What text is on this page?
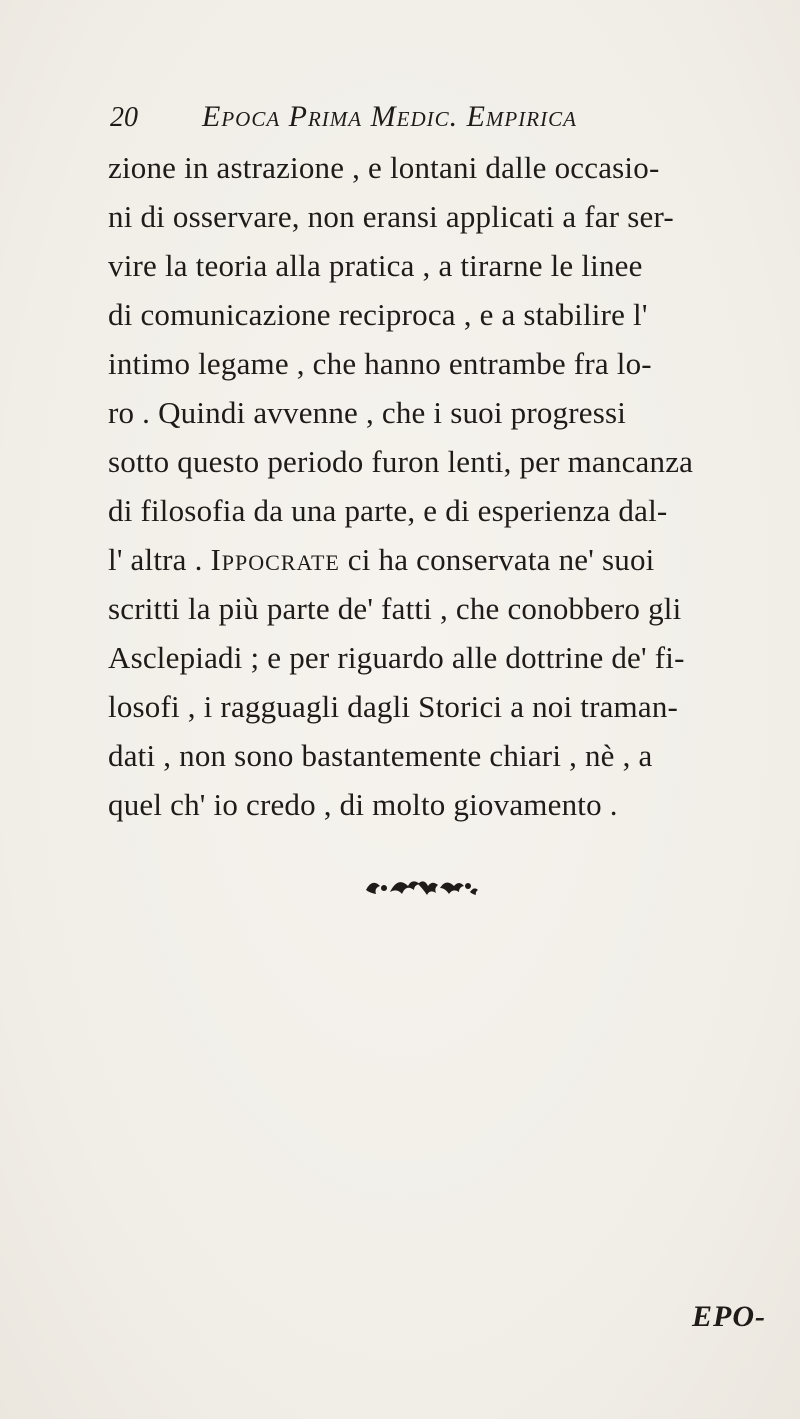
20 Epoca Prima Medic. Empirica
zione in astrazione , e lontani dalle occasio-
ni di osservare, non eransi applicati a far ser-
vire la teoria alla pratica , a tirarne le linee
di comunicazione reciproca , e a stabilire l'
intimo legame , che hanno entrambe fra lo-
ro . Quindi avvenne , che i suoi progressi
sotto questo periodo furon lenti, per mancanza
di filosofia da una parte, e di esperienza dal-
l' altra . Ippocrate ci ha conservata ne' suoi
scritti la più parte de' fatti , che conobbero gli
Asclepiadi ; e per riguardo alle dottrine de' fi-
losofi , i ragguagli dagli Storici a noi traman-
dati , non sono bastantemente chiari , nè , a
quel ch' io credo , di molto giovamento .
EPO-
